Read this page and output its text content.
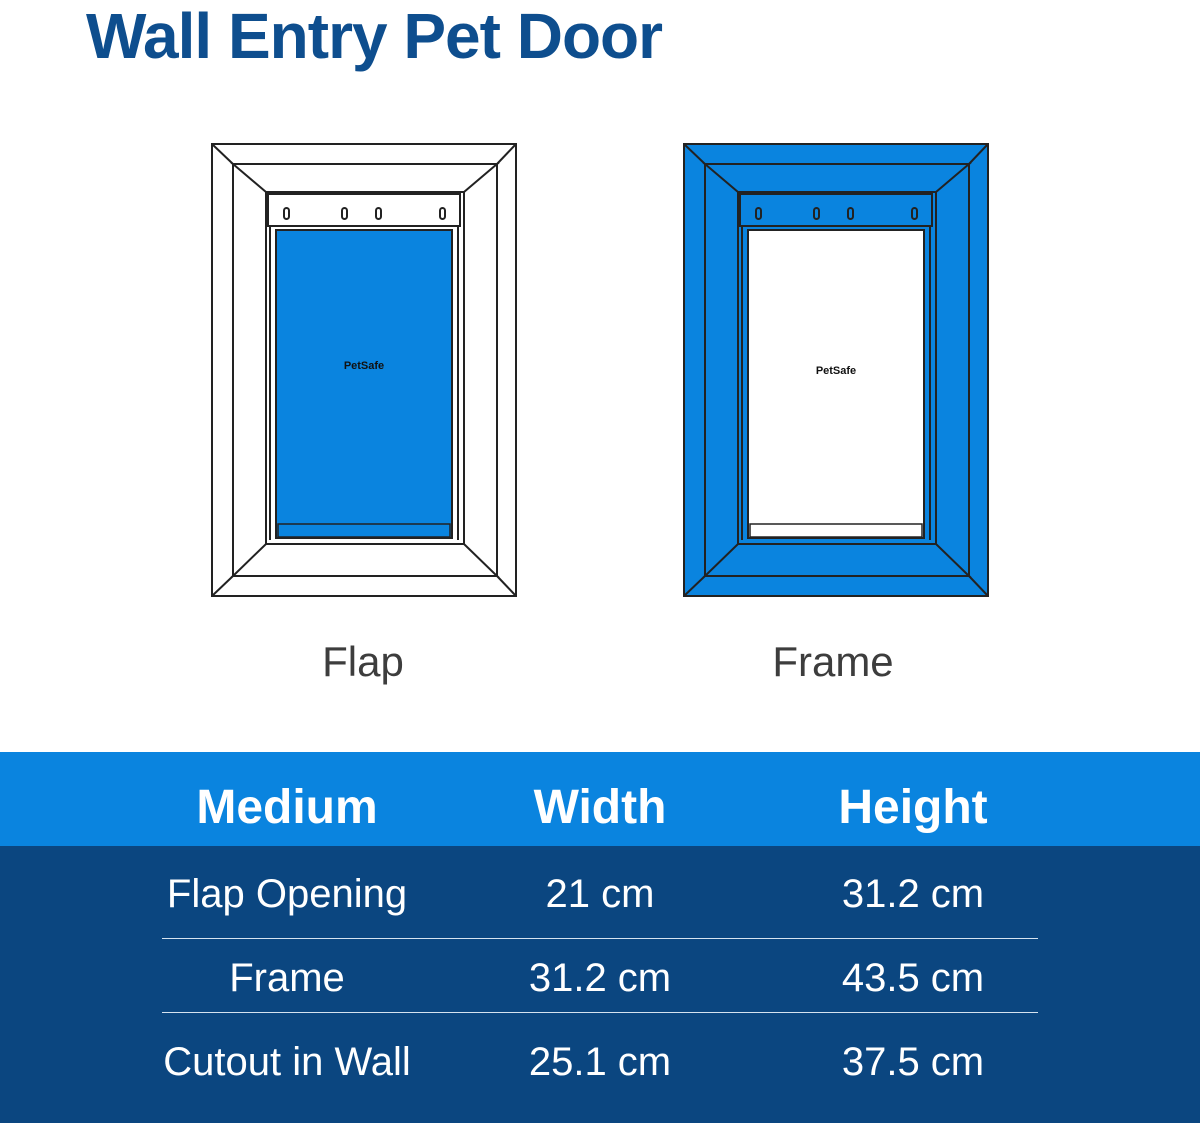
Wall Entry Pet Door
PetSafe
Flap
PetSafe
Frame
Medium	Width	Height
Flap Opening	21 cm	31.2 cm
Frame	31.2 cm	43.5 cm
Cutout in Wall	25.1 cm	37.5 cm
